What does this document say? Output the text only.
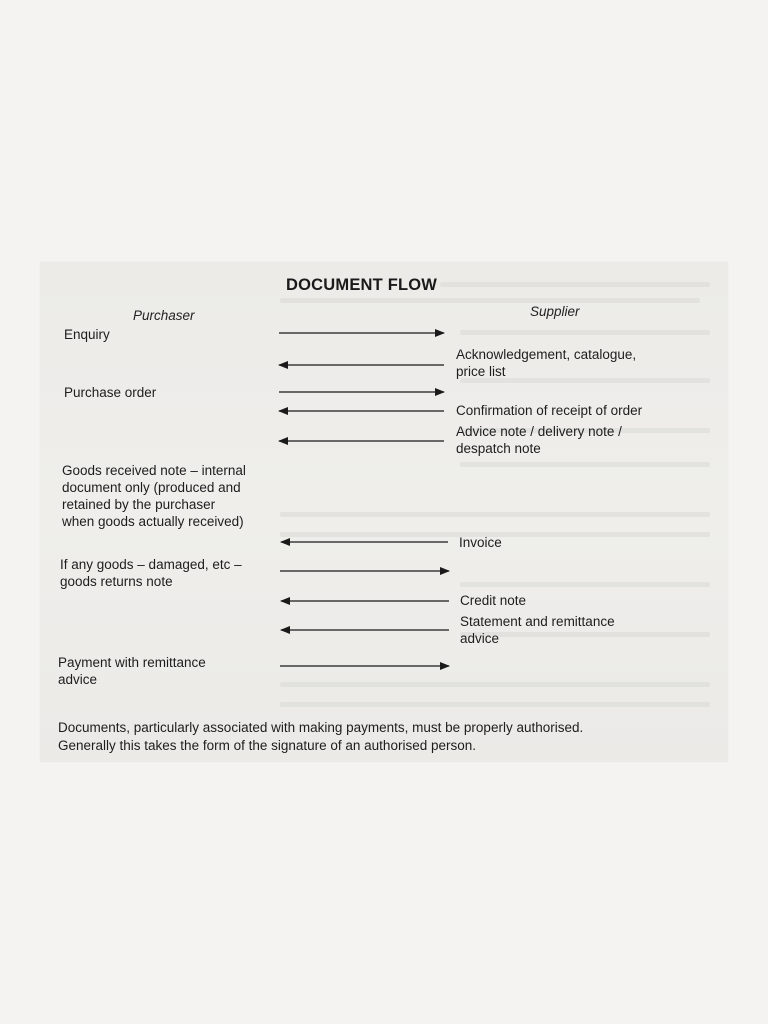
DOCUMENT FLOW
Purchaser	Supplier
Enquiry
Purchase order
Goods received note – internal
document only (produced and
retained by the purchaser
when goods actually received)
If any goods – damaged, etc –
goods returns note
Payment with remittance
advice
Acknowledgement, catalogue,
price list
Confirmation of receipt of order
Advice note / delivery note /
despatch note
Invoice
Credit note
Statement and remittance
advice
Documents, particularly associated with making payments, must be properly authorised.
Generally this takes the form of the signature of an authorised person.
